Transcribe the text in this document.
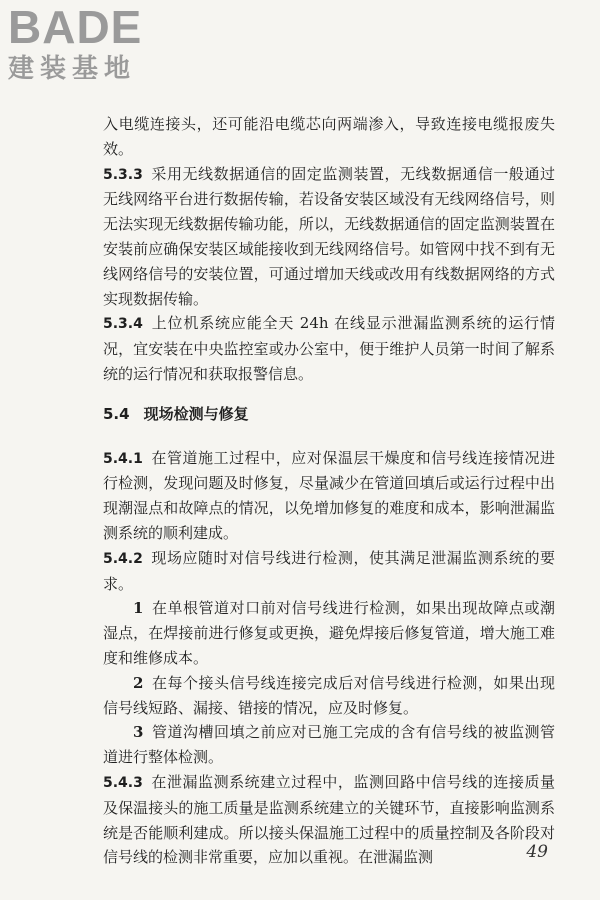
BADE
建装基地

入电缆连接头，还可能沿电缆芯向两端渗入，导致连接电缆报废失效。

5.3.3 采用无线数据通信的固定监测装置，无线数据通信一般通过无线网络平台进行数据传输，若设备安装区域没有无线网络信号，则无法实现无线数据传输功能，所以，无线数据通信的固定监测装置在安装前应确保安装区域能接收到无线网络信号。如管网中找不到有无线网络信号的安装位置，可通过增加天线或改用有线数据网络的方式实现数据传输。

5.3.4 上位机系统应能全天 24h 在线显示泄漏监测系统的运行情况，宜安装在中央监控室或办公室中，便于维护人员第一时间了解系统的运行情况和获取报警信息。

5.4 现场检测与修复

5.4.1 在管道施工过程中，应对保温层干燥度和信号线连接情况进行检测，发现问题及时修复，尽量减少在管道回填后或运行过程中出现潮湿点和故障点的情况，以免增加修复的难度和成本，影响泄漏监测系统的顺利建成。

5.4.2 现场应随时对信号线进行检测，使其满足泄漏监测系统的要求。

1 在单根管道对口前对信号线进行检测，如果出现故障点或潮湿点，在焊接前进行修复或更换，避免焊接后修复管道，增大施工难度和维修成本。

2 在每个接头信号线连接完成后对信号线进行检测，如果出现信号线短路、漏接、错接的情况，应及时修复。

3 管道沟槽回填之前应对已施工完成的含有信号线的被监测管道进行整体检测。

5.4.3 在泄漏监测系统建立过程中，监测回路中信号线的连接质量及保温接头的施工质量是监测系统建立的关键环节，直接影响监测系统是否能顺利建成。所以接头保温施工过程中的质量控制及各阶段对信号线的检测非常重要，应加以重视。在泄漏监测	49
